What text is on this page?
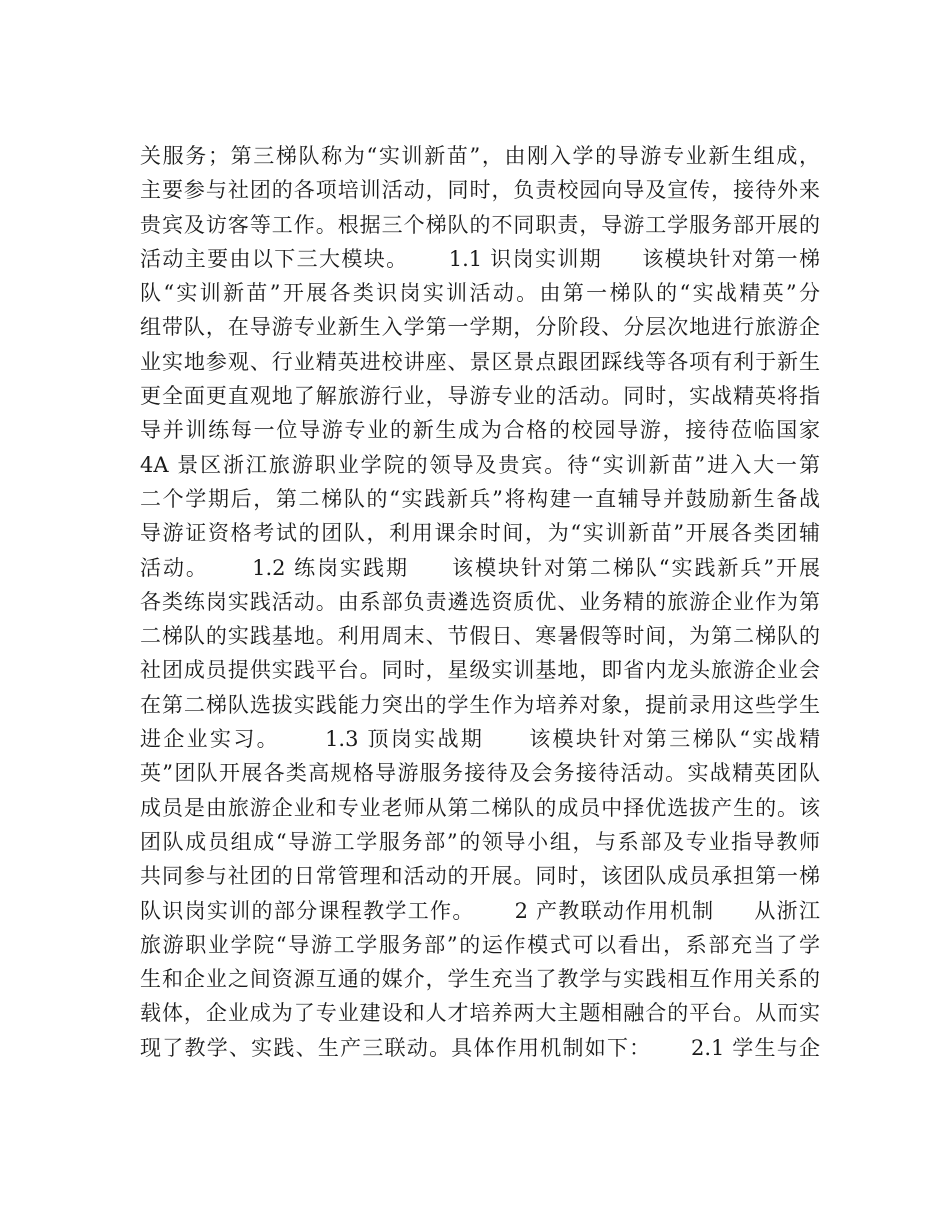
关服务；第三梯队称为“实训新苗”，由刚入学的导游专业新生组成，
主要参与社团的各项培训活动，同时，负责校园向导及宣传，接待外来
贵宾及访客等工作。根据三个梯队的不同职责，导游工学服务部开展的
活动主要由以下三大模块。     1.1 识岗实训期     该模块针对第一梯
队“实训新苗”开展各类识岗实训活动。由第一梯队的“实战精英”分
组带队，在导游专业新生入学第一学期，分阶段、分层次地进行旅游企
业实地参观、行业精英进校讲座、景区景点跟团踩线等各项有利于新生
更全面更直观地了解旅游行业，导游专业的活动。同时，实战精英将指
导并训练每一位导游专业的新生成为合格的校园导游，接待莅临国家
4A 景区浙江旅游职业学院的领导及贵宾。待“实训新苗”进入大一第
二个学期后，第二梯队的“实践新兵”将构建一直辅导并鼓励新生备战
导游证资格考试的团队，利用课余时间，为“实训新苗”开展各类团辅
活动。     1.2 练岗实践期     该模块针对第二梯队“实践新兵”开展
各类练岗实践活动。由系部负责遴选资质优、业务精的旅游企业作为第
二梯队的实践基地。利用周末、节假日、寒暑假等时间，为第二梯队的
社团成员提供实践平台。同时，星级实训基地，即省内龙头旅游企业会
在第二梯队选拔实践能力突出的学生作为培养对象，提前录用这些学生
进企业实习。     1.3 顶岗实战期     该模块针对第三梯队“实战精
英”团队开展各类高规格导游服务接待及会务接待活动。实战精英团队
成员是由旅游企业和专业老师从第二梯队的成员中择优选拔产生的。该
团队成员组成“导游工学服务部”的领导小组，与系部及专业指导教师
共同参与社团的日常管理和活动的开展。同时，该团队成员承担第一梯
队识岗实训的部分课程教学工作。     2 产教联动作用机制     从浙江
旅游职业学院“导游工学服务部”的运作模式可以看出，系部充当了学
生和企业之间资源互通的媒介，学生充当了教学与实践相互作用关系的
载体，企业成为了专业建设和人才培养两大主题相融合的平台。从而实
现了教学、实践、生产三联动。具体作用机制如下：     2.1 学生与企
